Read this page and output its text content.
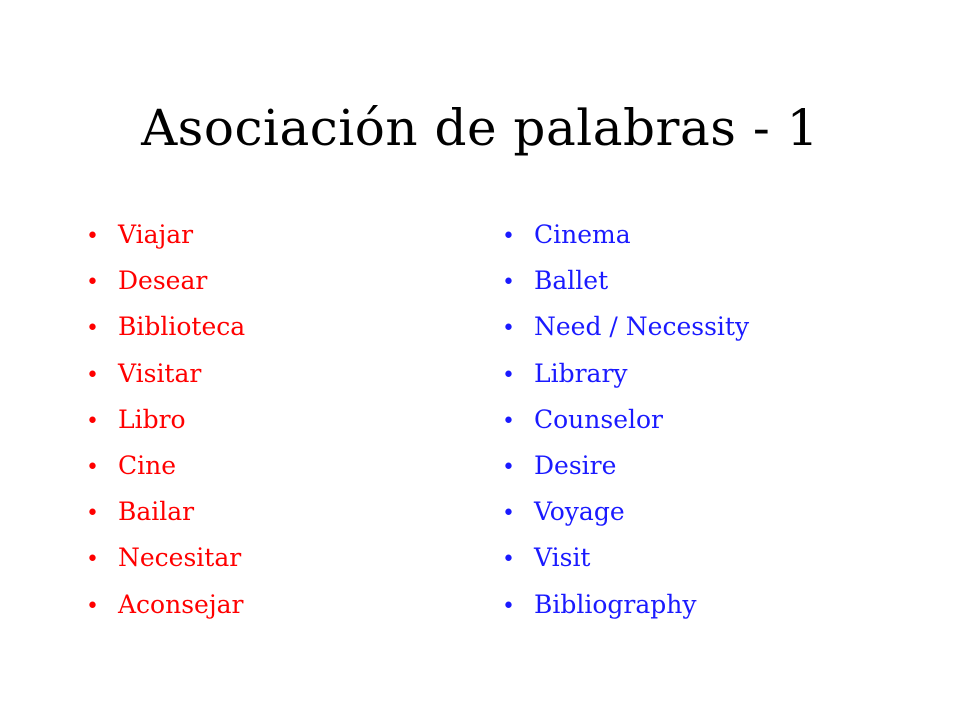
Asociación de palabras - 1
• Viajar
• Desear
• Biblioteca
• Visitar
• Libro
• Cine
• Bailar
• Necesitar
• Aconsejar
• Cinema
• Ballet
• Need / Necessity
• Library
• Counselor
• Desire
• Voyage
• Visit
• Bibliography
